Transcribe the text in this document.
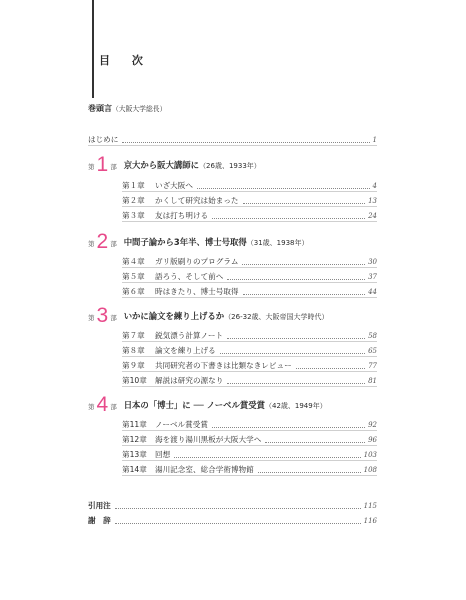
目 次
巻頭言（大阪大学総長）
はじめに	1
第 1 部 京大から阪大講師に（26歳、1933年）
第１章 いざ大阪へ	4
第２章 かくして研究は始まった	13
第３章 友は打ち明ける	24
第 2 部 中間子論から3年半、博士号取得（31歳、1938年）
第４章 ガリ版刷りのプログラム	30
第５章 語ろう、そして前へ	37
第６章 時はきたり、博士号取得	44
第 3 部 いかに論文を練り上げるか（26-32歳、大阪帝国大学時代）
第７章 鋭気漂う計算ノート	58
第８章 論文を練り上げる	65
第９章 共同研究者の下書きは比類なきレビュー	77
第10章 解説は研究の源なり	81
第 4 部 日本の「博士」に ── ノーベル賞受賞（42歳、1949年）
第11章 ノーベル賞受賞	92
第12章 海を渡り湯川黒板が大阪大学へ	96
第13章 回想	103
第14章 湯川記念室、総合学術博物館	108
引用注	115
謝　辞	116
